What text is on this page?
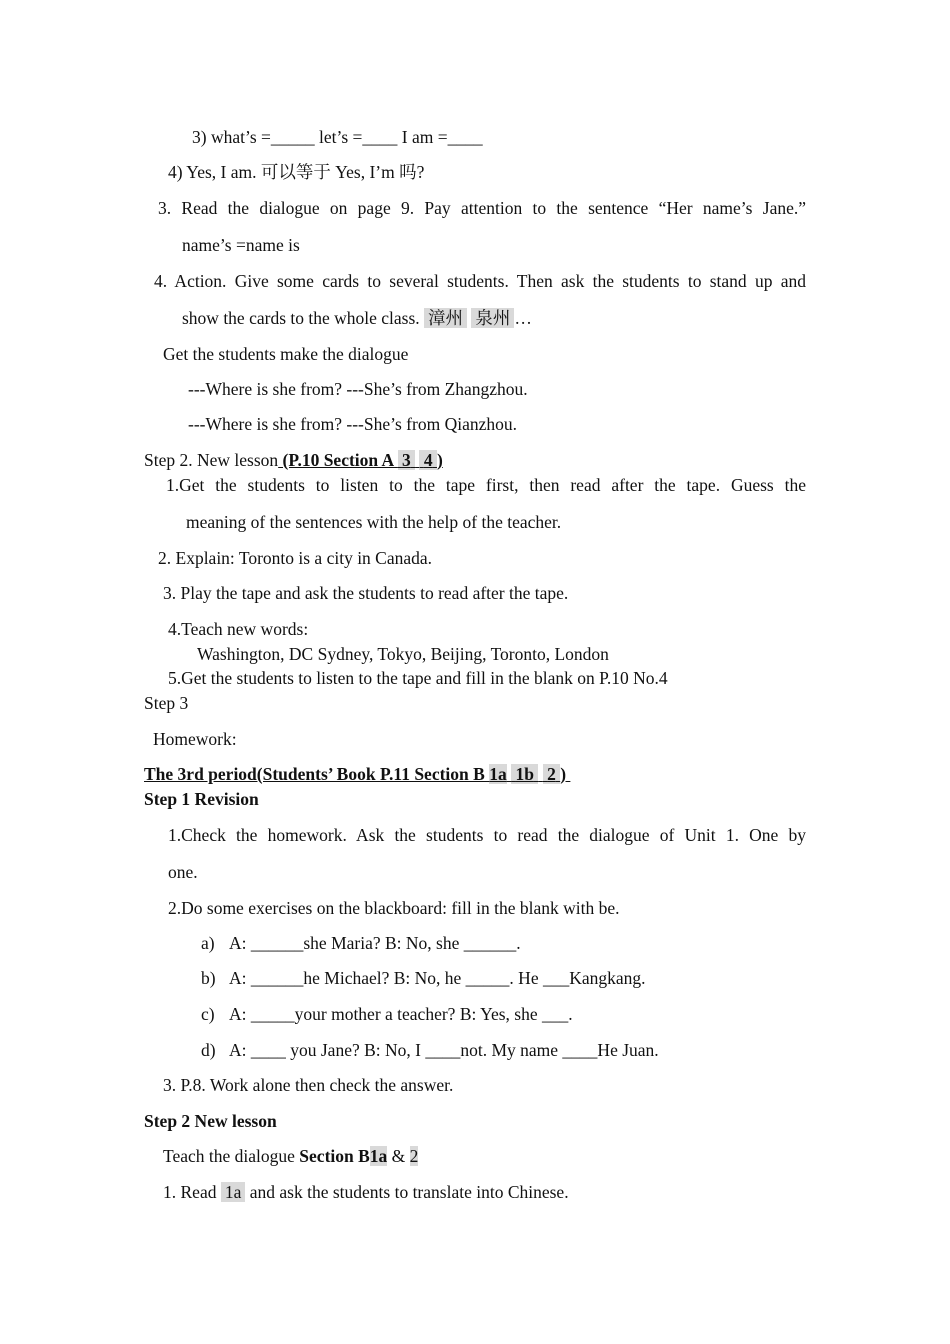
3) what’s =_____ let’s =____ I am =____
4) Yes, I am. 可以等于 Yes, I’m 吗?
3. Read the dialogue on page 9. Pay attention to the sentence “Her name’s Jane.”
name’s =name is
4. Action. Give some cards to several students. Then ask the students to stand up and
show the cards to the whole class. 漳州 泉州 …
Get the students make the dialogue
---Where is she from? ---She’s from Zhangzhou.
---Where is she from? ---She’s from Qianzhou.
Step 2. New lesson (P.10 Section A  3 4 )
1.Get the students to listen to the tape first, then read after the tape. Guess the
meaning of the sentences with the help of the teacher.
2. Explain: Toronto is a city in Canada.
3. Play the tape and ask the students to read after the tape.
4.Teach new words:
Washington, DC Sydney, Tokyo, Beijing, Toronto, London
5.Get the students to listen to the tape and fill in the blank on P.10 No.4
Step 3
Homework:
The 3rd period(Students’ Book P.11 Section B 1a 1b 2 )
Step 1 Revision
1.Check the homework. Ask the students to read the dialogue of Unit 1. One by
one.
2.Do some exercises on the blackboard: fill in the blank with be.
a) A: ______she Maria? B: No, she ______.
b) A: ______he Michael? B: No, he _____. He ___Kangkang.
c) A: _____your mother a teacher? B: Yes, she ___.
d) A: ____ you Jane? B: No, I ____not. My name ____He Juan.
3. P.8. Work alone then check the answer.
Step 2 New lesson
Teach the dialogue Section B1a & 2
1. Read 1a and ask the students to translate into Chinese.
